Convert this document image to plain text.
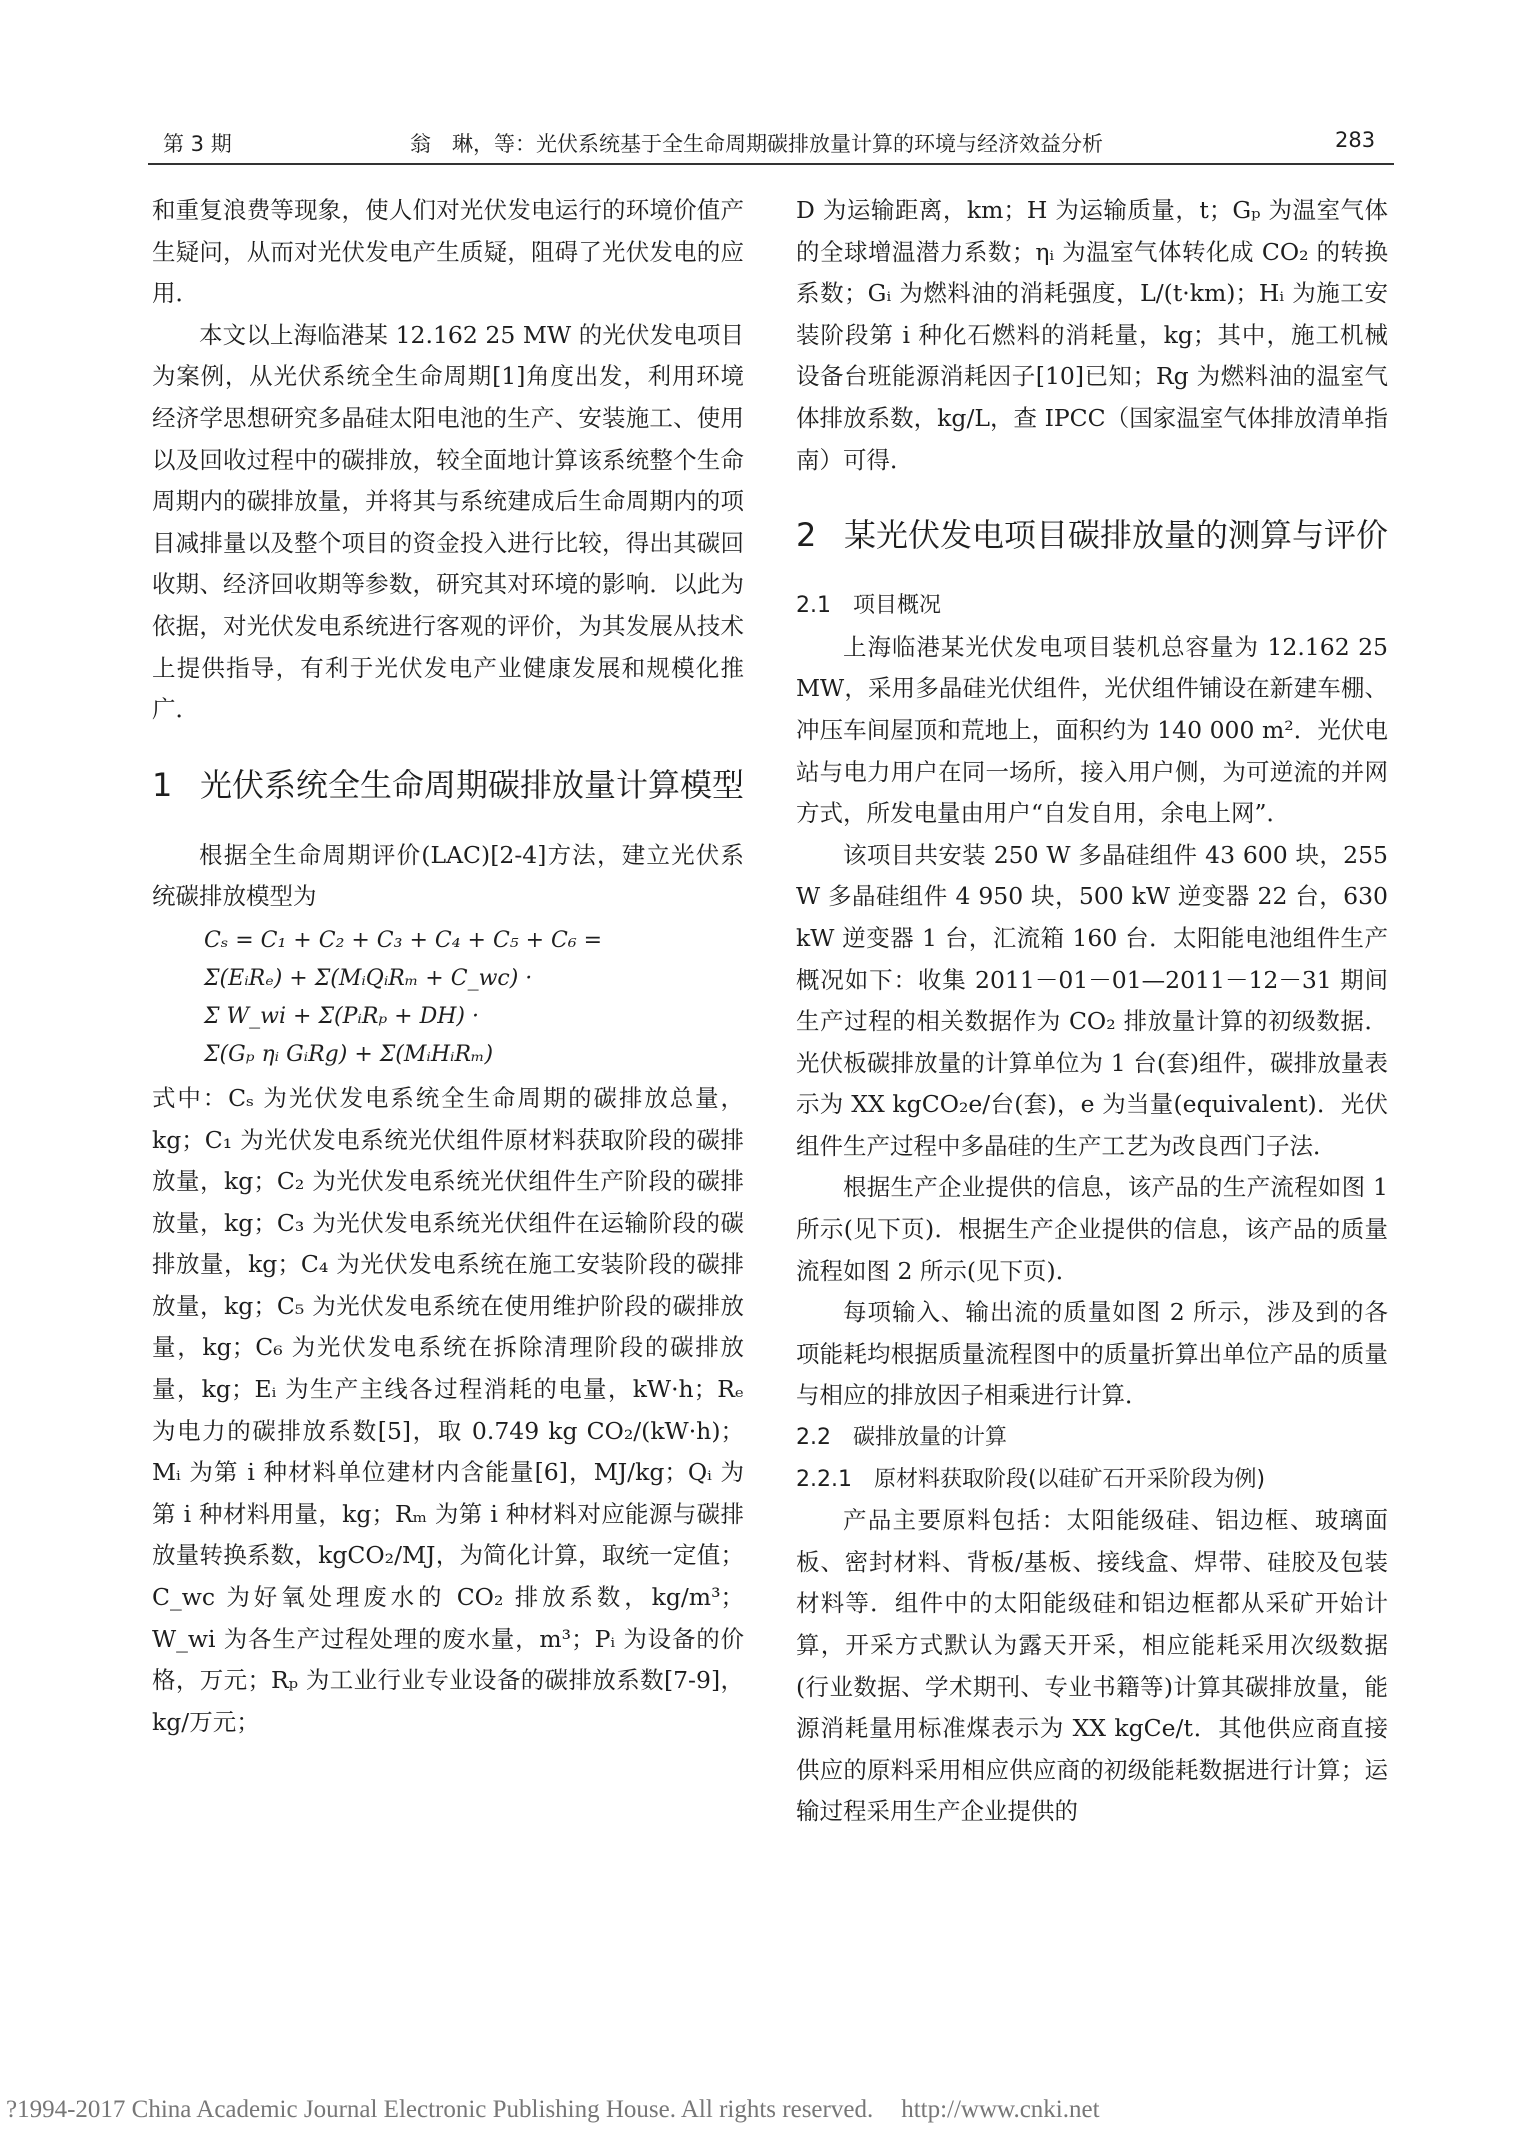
第 3 期	翁　琳，等：光伏系统基于全生命周期碳排放量计算的环境与经济效益分析	283

和重复浪费等现象，使人们对光伏发电运行的环境价值产生疑问，从而对光伏发电产生质疑，阻碍了光伏发电的应用．

本文以上海临港某 12.162 25 MW 的光伏发电项目为案例，从光伏系统全生命周期[1]角度出发，利用环境经济学思想研究多晶硅太阳电池的生产、安装施工、使用以及回收过程中的碳排放，较全面地计算该系统整个生命周期内的碳排放量，并将其与系统建成后生命周期内的项目减排量以及整个项目的资金投入进行比较，得出其碳回收期、经济回收期等参数，研究其对环境的影响．以此为依据，对光伏发电系统进行客观的评价，为其发展从技术上提供指导，有利于光伏发电产业健康发展和规模化推广．

1 光伏系统全生命周期碳排放量计算模型

根据全生命周期评价(LAC)[2-4]方法，建立光伏系统碳排放模型为

Cₛ = C₁ + C₂ + C₃ + C₄ + C₅ + C₆ =
Σ(EᵢRₑ) + Σ(MᵢQᵢRₘ + C_wc) ·
Σ W_wi + Σ(PᵢRₚ + DH) ·
Σ(Gₚ ηᵢ GᵢRg) + Σ(MᵢHᵢRₘ)

式中：Cₛ 为光伏发电系统全生命周期的碳排放总量，kg；C₁ 为光伏发电系统光伏组件原材料获取阶段的碳排放量，kg；C₂ 为光伏发电系统光伏组件生产阶段的碳排放量，kg；C₃ 为光伏发电系统光伏组件在运输阶段的碳排放量，kg；C₄ 为光伏发电系统在施工安装阶段的碳排放量，kg；C₅ 为光伏发电系统在使用维护阶段的碳排放量，kg；C₆ 为光伏发电系统在拆除清理阶段的碳排放量，kg；Eᵢ 为生产主线各过程消耗的电量，kW·h；Rₑ 为电力的碳排放系数[5]，取 0.749 kg CO₂/(kW·h)；Mᵢ 为第 i 种材料单位建材内含能量[6]，MJ/kg；Qᵢ 为第 i 种材料用量，kg；Rₘ 为第 i 种材料对应能源与碳排放量转换系数，kgCO₂/MJ，为简化计算，取统一定值；C_wc 为好氧处理废水的 CO₂ 排放系数，kg/m³；W_wi 为各生产过程处理的废水量，m³；Pᵢ 为设备的价格，万元；Rₚ 为工业行业专业设备的碳排放系数[7-9]，kg/万元；

D 为运输距离，km；H 为运输质量，t；Gₚ 为温室气体的全球增温潜力系数；ηᵢ 为温室气体转化成 CO₂ 的转换系数；Gᵢ 为燃料油的消耗强度，L/(t·km)；Hᵢ 为施工安装阶段第 i 种化石燃料的消耗量，kg；其中，施工机械设备台班能源消耗因子[10]已知；Rg 为燃料油的温室气体排放系数，kg/L，查 IPCC（国家温室气体排放清单指南）可得．

2 某光伏发电项目碳排放量的测算与评价
2.1　项目概况

上海临港某光伏发电项目装机总容量为 12.162 25 MW，采用多晶硅光伏组件，光伏组件铺设在新建车棚、冲压车间屋顶和荒地上，面积约为 140 000 m²．光伏电站与电力用户在同一场所，接入用户侧，为可逆流的并网方式，所发电量由用户“自发自用，余电上网”．

该项目共安装 250 W 多晶硅组件 43 600 块，255 W 多晶硅组件 4 950 块，500 kW 逆变器 22 台，630 kW 逆变器 1 台，汇流箱 160 台．太阳能电池组件生产概况如下：收集 2011－01－01—2011－12－31 期间生产过程的相关数据作为 CO₂ 排放量计算的初级数据．光伏板碳排放量的计算单位为 1 台(套)组件，碳排放量表示为 XX kgCO₂e/台(套)，e 为当量(equivalent)．光伏组件生产过程中多晶硅的生产工艺为改良西门子法．

根据生产企业提供的信息，该产品的生产流程如图 1 所示(见下页)．根据生产企业提供的信息，该产品的质量流程如图 2 所示(见下页)．

每项输入、输出流的质量如图 2 所示，涉及到的各项能耗均根据质量流程图中的质量折算出单位产品的质量与相应的排放因子相乘进行计算．

2.2　碳排放量的计算
2.2.1　原材料获取阶段(以硅矿石开采阶段为例)

产品主要原料包括：太阳能级硅、铝边框、玻璃面板、密封材料、背板/基板、接线盒、焊带、硅胶及包装材料等．组件中的太阳能级硅和铝边框都从采矿开始计算，开采方式默认为露天开采，相应能耗采用次级数据(行业数据、学术期刊、专业书籍等)计算其碳排放量，能源消耗量用标准煤表示为 XX kgCe/t．其他供应商直接供应的原料采用相应供应商的初级能耗数据进行计算；运输过程采用生产企业提供的

?1994-2017 China Academic Journal Electronic Publishing House. All rights reserved. http://www.cnki.net
